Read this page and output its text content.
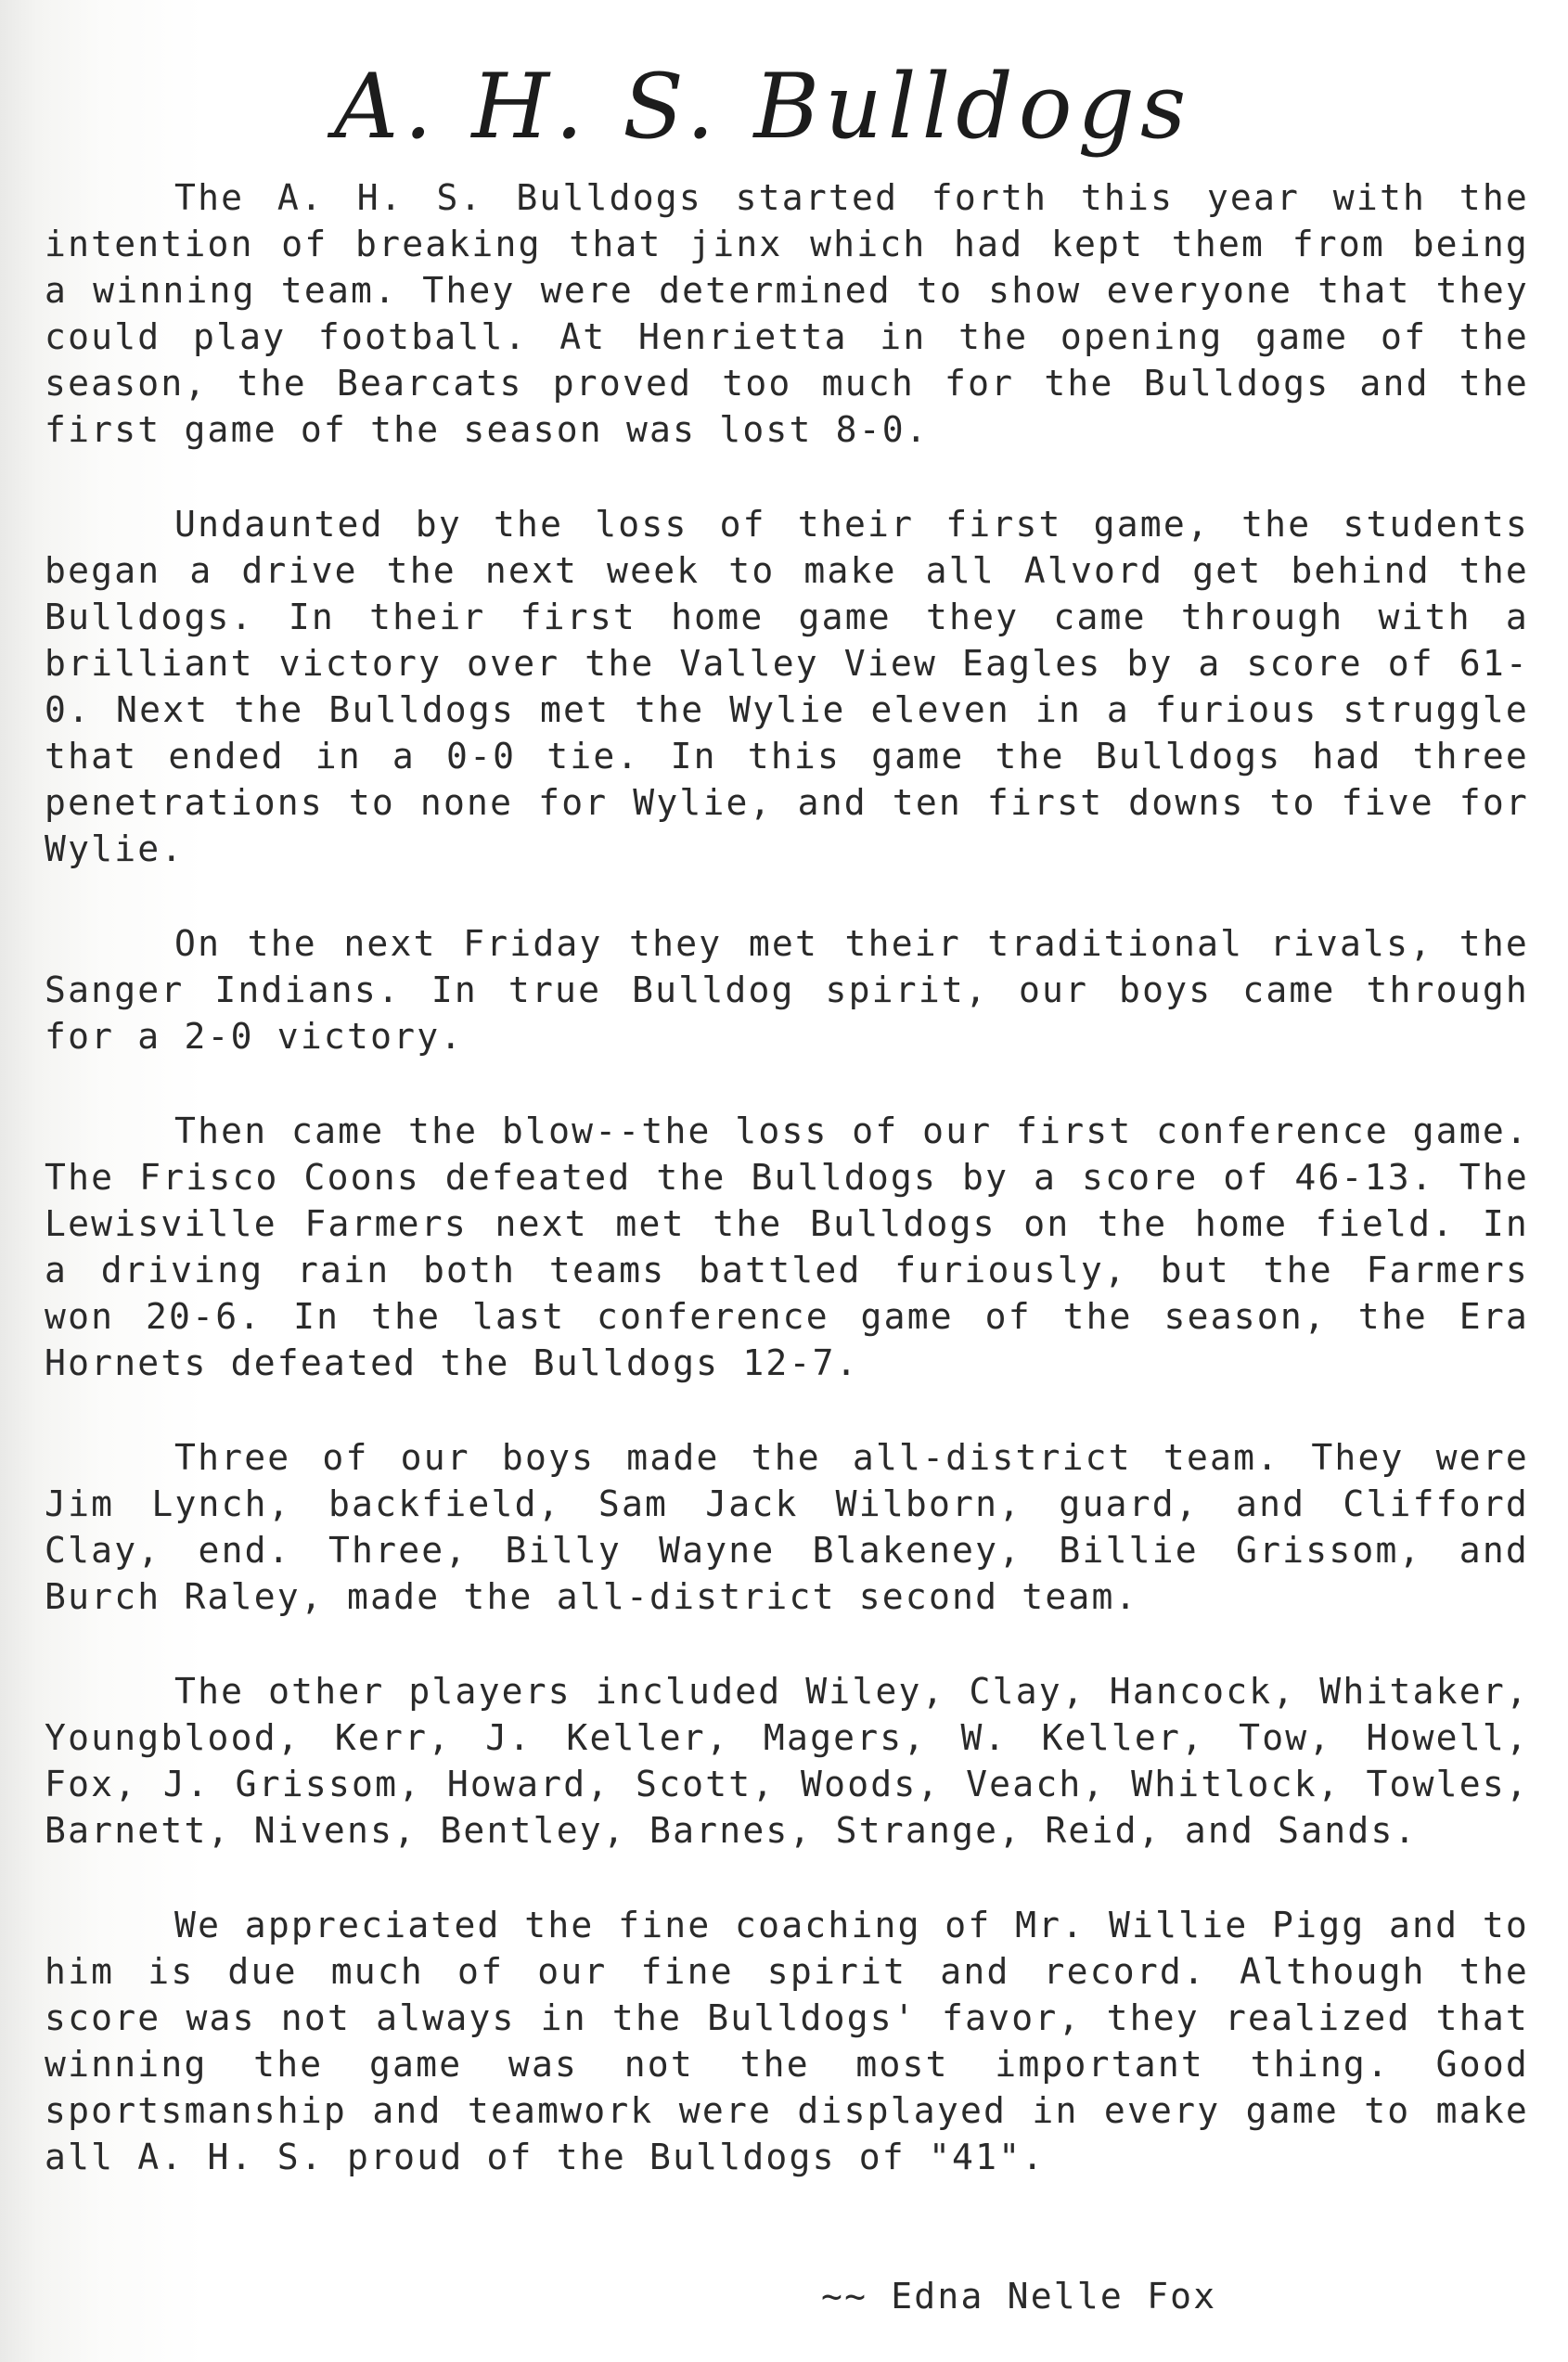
A. H. S. Bulldogs

The A. H. S. Bulldogs started forth this year with the intention of breaking that jinx which had kept them from being a winning team. They were determined to show everyone that they could play football. At Henrietta in the opening game of the season, the Bearcats proved too much for the Bulldogs and the first game of the season was lost 8-0.

Undaunted by the loss of their first game, the students began a drive the next week to make all Alvord get behind the Bulldogs. In their first home game they came through with a brilliant victory over the Valley View Eagles by a score of 61-0. Next the Bulldogs met the Wylie eleven in a furious struggle that ended in a 0-0 tie. In this game the Bulldogs had three penetrations to none for Wylie, and ten first downs to five for Wylie.

On the next Friday they met their traditional rivals, the Sanger Indians. In true Bulldog spirit, our boys came through for a 2-0 victory.

Then came the blow--the loss of our first conference game. The Frisco Coons defeated the Bulldogs by a score of 46-13. The Lewisville Farmers next met the Bulldogs on the home field. In a driving rain both teams battled furiously, but the Farmers won 20-6. In the last conference game of the season, the Era Hornets defeated the Bulldogs 12-7.

Three of our boys made the all-district team. They were Jim Lynch, backfield, Sam Jack Wilborn, guard, and Clifford Clay, end. Three, Billy Wayne Blakeney, Billie Grissom, and Burch Raley, made the all-district second team.

The other players included Wiley, Clay, Hancock, Whitaker, Youngblood, Kerr, J. Keller, Magers, W. Keller, Tow, Howell, Fox, J. Grissom, Howard, Scott, Woods, Veach, Whitlock, Towles, Barnett, Nivens, Bentley, Barnes, Strange, Reid, and Sands.

We appreciated the fine coaching of Mr. Willie Pigg and to him is due much of our fine spirit and record. Although the score was not always in the Bulldogs' favor, they realized that winning the game was not the most important thing. Good sportsmanship and teamwork were displayed in every game to make all A. H. S. proud of the Bulldogs of "41".

~~ Edna Nelle Fox
